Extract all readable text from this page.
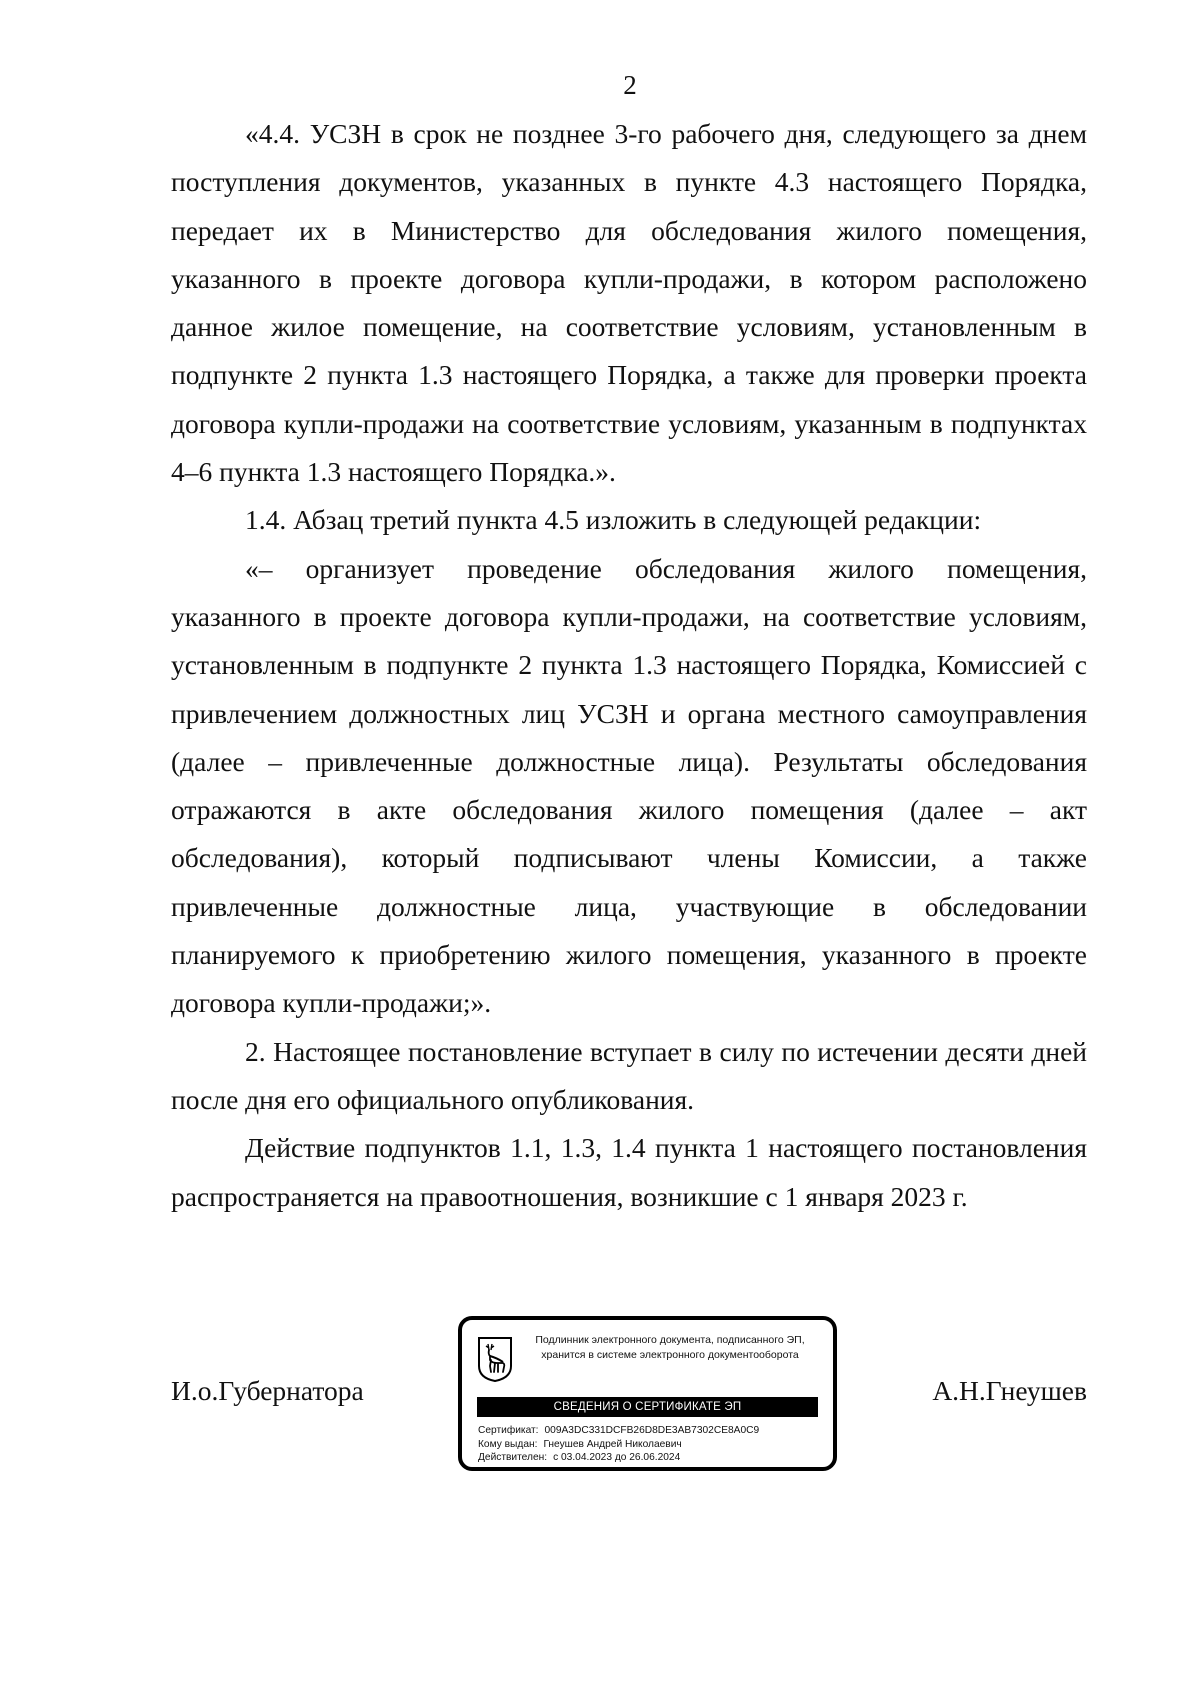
2

«4.4. УСЗН в срок не позднее 3-го рабочего дня, следующего за днем поступления документов, указанных в пункте 4.3 настоящего Порядка, передает их в Министерство для обследования жилого помещения, указанного в проекте договора купли-продажи, в котором расположено данное жилое помещение, на соответствие условиям, установленным в подпункте 2 пункта 1.3 настоящего Порядка, а также для проверки проекта договора купли-продажи на соответствие условиям, указанным в подпунктах 4–6 пункта 1.3 настоящего Порядка.».

1.4. Абзац третий пункта 4.5 изложить в следующей редакции:

«– организует проведение обследования жилого помещения, указанного в проекте договора купли-продажи, на соответствие условиям, установленным в подпункте 2 пункта 1.3 настоящего Порядка, Комиссией с привлечением должностных лиц УСЗН и органа местного самоуправления (далее – привлеченные должностные лица). Результаты обследования отражаются в акте обследования жилого помещения (далее – акт обследования), который подписывают члены Комиссии, а также привлеченные должностные лица, участвующие в обследовании планируемого к приобретению жилого помещения, указанного в проекте договора купли-продажи;».

2. Настоящее постановление вступает в силу по истечении десяти дней после дня его официального опубликования.

Действие подпунктов 1.1, 1.3, 1.4 пункта 1 настоящего постановления распространяется на правоотношения, возникшие с 1 января 2023 г.

И.о.Губернатора
Подлинник электронного документа, подписанного ЭП,
хранится в системе электронного документооборота
СВЕДЕНИЯ О СЕРТИФИКАТЕ ЭП
Сертификат: 009A3DC331DCFB26D8DE3AB7302CE8A0C9
Кому выдан: Гнеушев Андрей Николаевич
Действителен: с 03.04.2023 до 26.06.2024
А.Н.Гнеушев
